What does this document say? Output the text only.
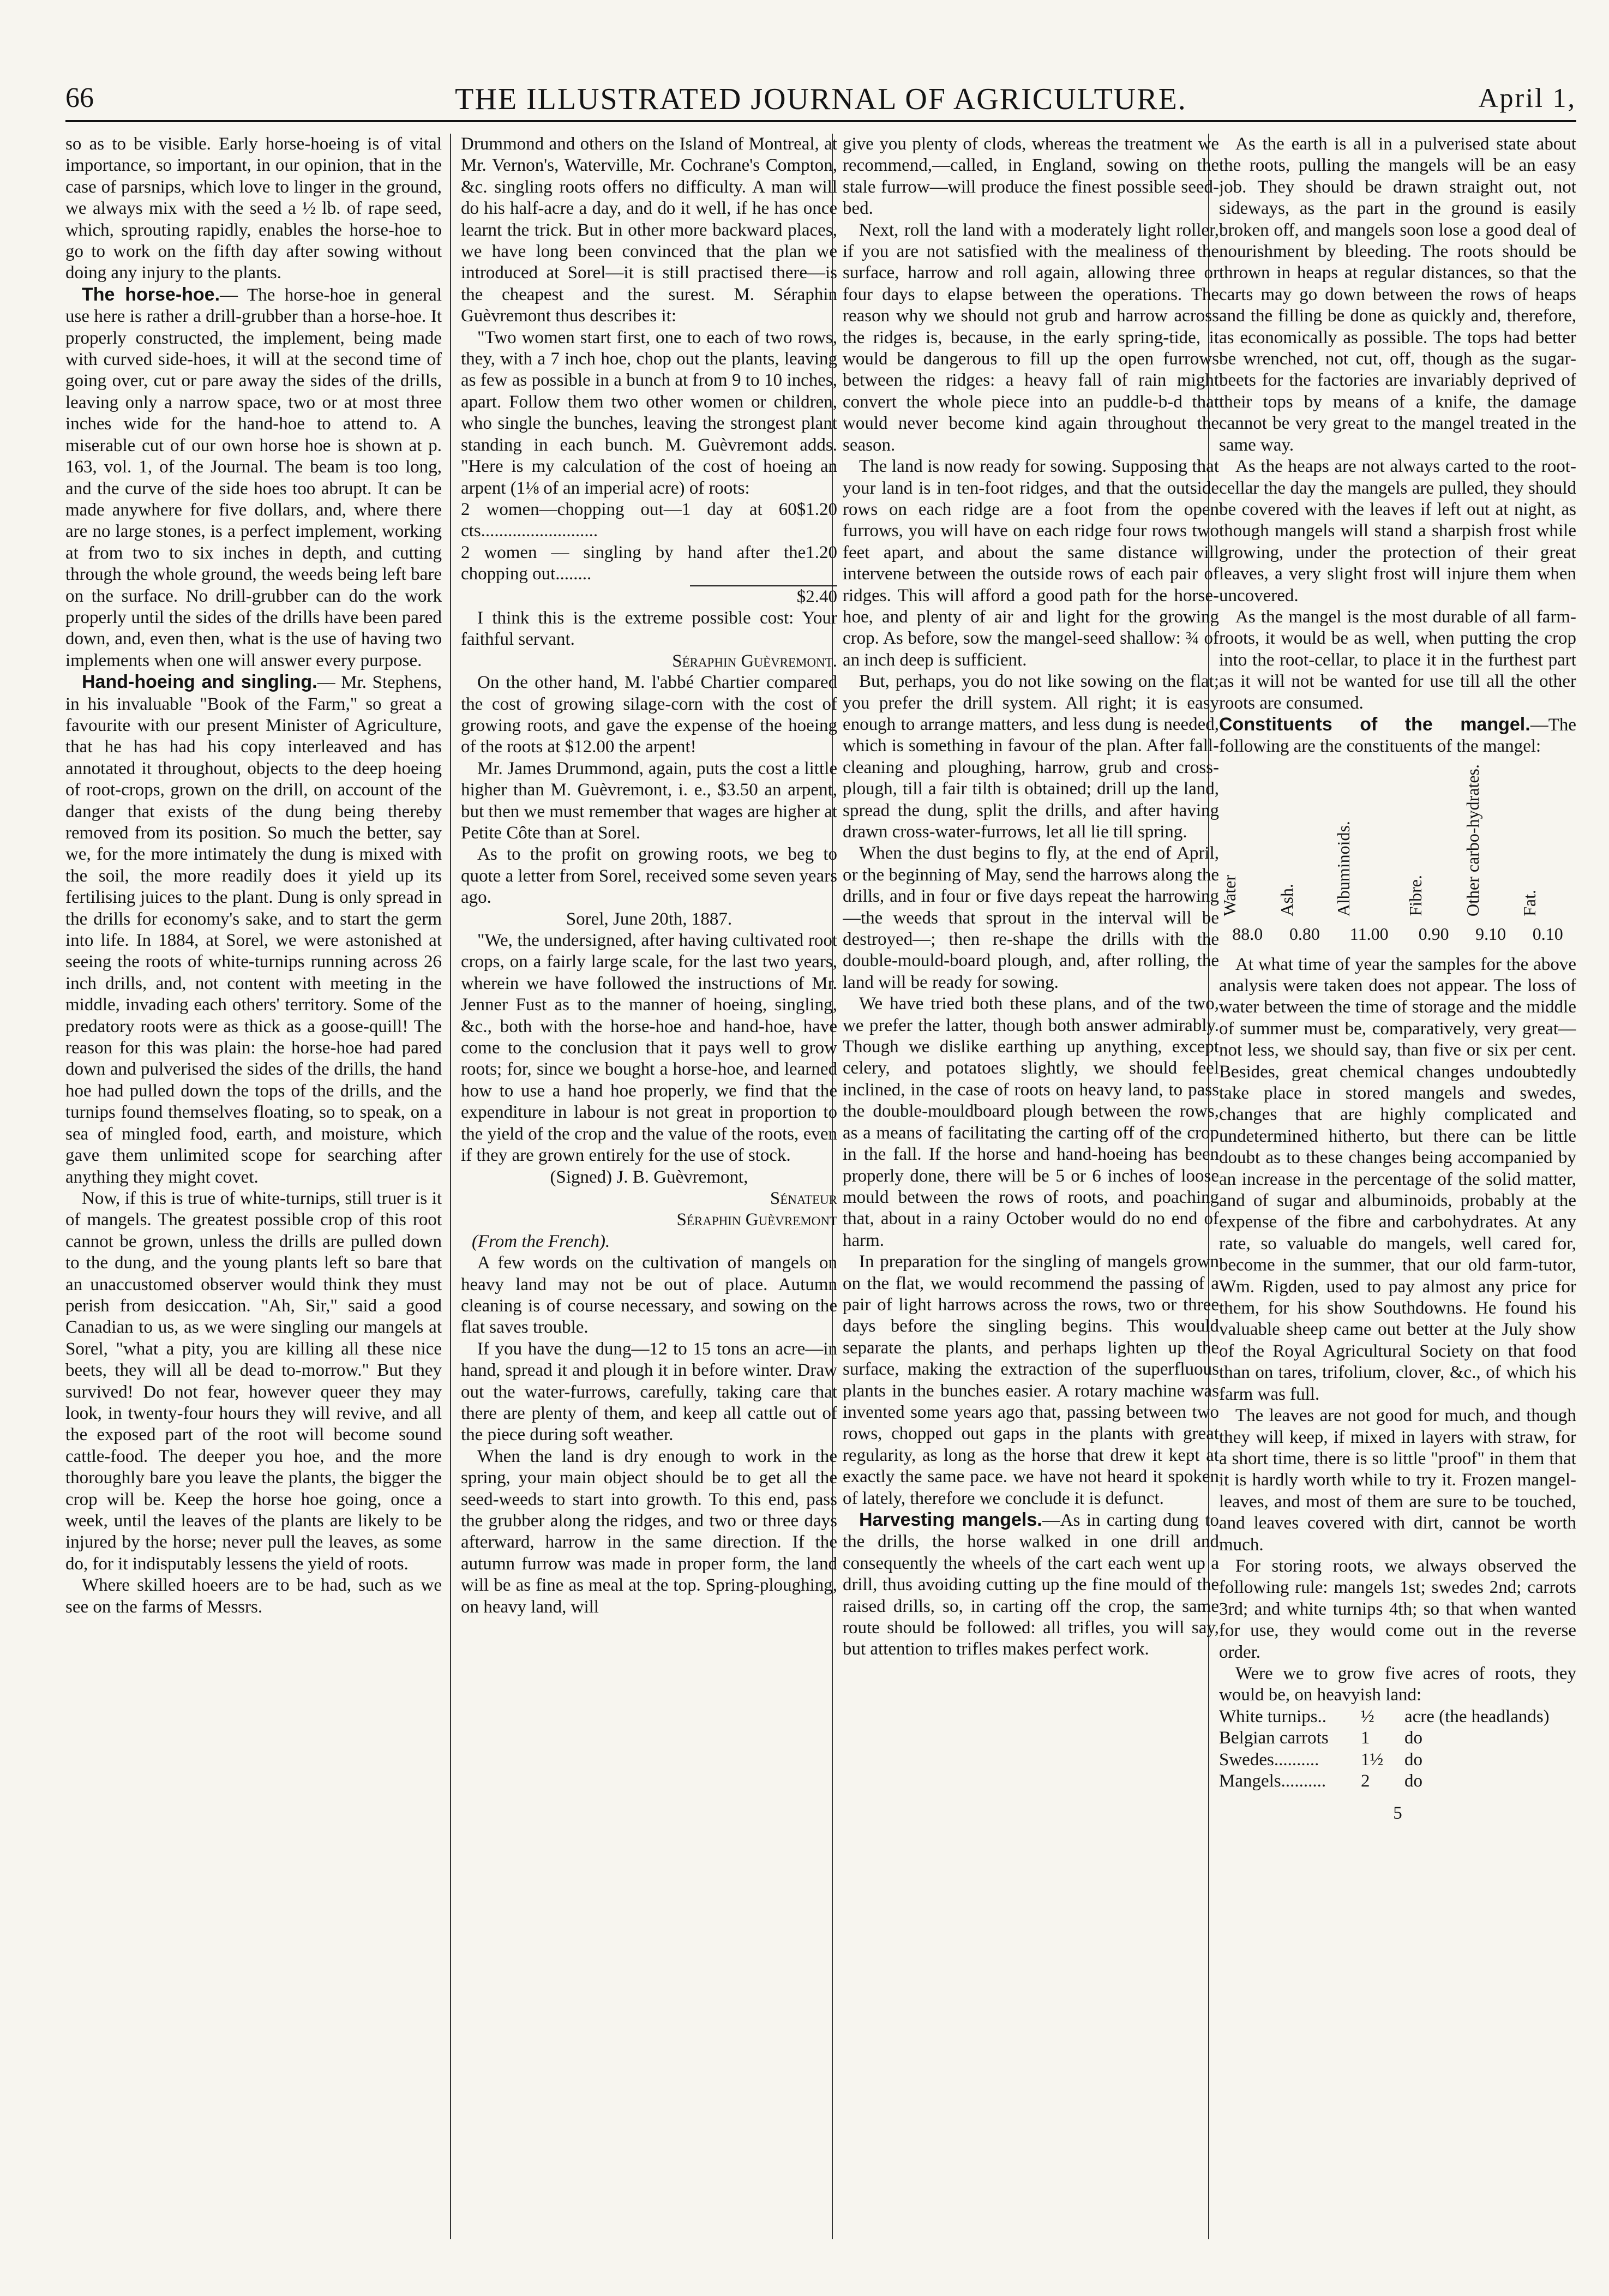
66	THE ILLUSTRATED JOURNAL OF AGRICULTURE.	April 1,

so as to be visible. Early horse-hoeing is of vital importance, so important, in our opinion, that in the case of parsnips, which love to linger in the ground, we always mix with the seed a ½ lb. of rape seed, which, sprouting rapidly, enables the horse-hoe to go to work on the fifth day after sowing without doing any injury to the plants.

The horse-hoe.— The horse-hoe in general use here is rather a drill-grubber than a horse-hoe. It properly constructed, the implement, being made with curved side-hoes, it will at the second time of going over, cut or pare away the sides of the drills, leaving only a narrow space, two or at most three inches wide for the hand-hoe to attend to. A miserable cut of our own horse hoe is shown at p. 163, vol. 1, of the Journal. The beam is too long, and the curve of the side hoes too abrupt. It can be made anywhere for five dollars, and, where there are no large stones, is a perfect implement, working at from two to six inches in depth, and cutting through the whole ground, the weeds being left bare on the surface. No drill-grubber can do the work properly until the sides of the drills have been pared down, and, even then, what is the use of having two implements when one will answer every purpose.

Hand-hoeing and singling.— Mr. Stephens, in his invaluable "Book of the Farm," so great a favourite with our present Minister of Agriculture, that he has had his copy interleaved and has annotated it throughout, objects to the deep hoeing of root-crops, grown on the drill, on account of the danger that exists of the dung being thereby removed from its position. So much the better, say we, for the more intimately the dung is mixed with the soil, the more readily does it yield up its fertilising juices to the plant. Dung is only spread in the drills for economy's sake, and to start the germ into life. In 1884, at Sorel, we were astonished at seeing the roots of white-turnips running across 26 inch drills, and, not content with meeting in the middle, invading each others' territory. Some of the predatory roots were as thick as a goose-quill! The reason for this was plain: the horse-hoe had pared down and pulverised the sides of the drills, the hand hoe had pulled down the tops of the drills, and the turnips found themselves floating, so to speak, on a sea of mingled food, earth, and moisture, which gave them unlimited scope for searching after anything they might covet.

Now, if this is true of white-turnips, still truer is it of mangels. The greatest possible crop of this root cannot be grown, unless the drills are pulled down to the dung, and the young plants left so bare that an unaccustomed observer would think they must perish from desiccation. "Ah, Sir," said a good Canadian to us, as we were singling our mangels at Sorel, "what a pity, you are killing all these nice beets, they will all be dead to-morrow." But they survived! Do not fear, however queer they may look, in twenty-four hours they will revive, and all the exposed part of the root will become sound cattle-food. The deeper you hoe, and the more thoroughly bare you leave the plants, the bigger the crop will be. Keep the horse hoe going, once a week, until the leaves of the plants are likely to be injured by the horse; never pull the leaves, as some do, for it indisputably lessens the yield of roots.

Where skilled hoeers are to be had, such as we see on the farms of Messrs.

Drummond and others on the Island of Montreal, at Mr. Vernon's, Waterville, Mr. Cochrane's Compton, &c. singling roots offers no difficulty. A man will do his half-acre a day, and do it well, if he has once learnt the trick. But in other more backward places, we have long been convinced that the plan we introduced at Sorel—it is still practised there—is the cheapest and the surest. M. Séraphin Guèvremont thus describes it:

"Two women start first, one to each of two rows, they, with a 7 inch hoe, chop out the plants, leaving as few as possible in a bunch at from 9 to 10 inches, apart. Follow them two other women or children, who single the bunches, leaving the strongest plant standing in each bunch. M. Guèvremont adds. "Here is my calculation of the cost of hoeing an arpent (1⅛ of an imperial acre) of roots:

2 women—chopping out—1 day at 60 cts..........................
$1.20
2 women — singling by hand after the chopping out........
1.20
$2.40

I think this is the extreme possible cost: Your faithful servant.

Séraphin Guèvremont.

On the other hand, M. l'abbé Chartier compared the cost of growing silage-corn with the cost of growing roots, and gave the expense of the hoeing of the roots at $12.00 the arpent!

Mr. James Drummond, again, puts the cost a little higher than M. Guèvremont, i. e., $3.50 an arpent, but then we must remember that wages are higher at Petite Côte than at Sorel.

As to the profit on growing roots, we beg to quote a letter from Sorel, received some seven years ago.

Sorel, June 20th, 1887.

"We, the undersigned, after having cultivated root crops, on a fairly large scale, for the last two years, wherein we have followed the instructions of Mr. Jenner Fust as to the manner of hoeing, singling, &c., both with the horse-hoe and hand-hoe, have come to the conclusion that it pays well to grow roots; for, since we bought a horse-hoe, and learned how to use a hand hoe properly, we find that the expenditure in labour is not great in proportion to the yield of the crop and the value of the roots, even if they are grown entirely for the use of stock.

(Signed) J. B. Guèvremont,
Sénateur
Séraphin Guèvremont
(From the French).

A few words on the cultivation of mangels on heavy land may not be out of place. Autumn cleaning is of course necessary, and sowing on the flat saves trouble.

If you have the dung—12 to 15 tons an acre—in hand, spread it and plough it in before winter. Draw out the water-furrows, carefully, taking care that there are plenty of them, and keep all cattle out of the piece during soft weather.

When the land is dry enough to work in the spring, your main object should be to get all the seed-weeds to start into growth. To this end, pass the grubber along the ridges, and two or three days afterward, harrow in the same direction. If the autumn furrow was made in proper form, the land will be as fine as meal at the top. Spring-ploughing, on heavy land, will

give you plenty of clods, whereas the treatment we recommend,—called, in England, sowing on the stale furrow—will produce the finest possible seed-bed.

Next, roll the land with a moderately light roller, if you are not satisfied with the mealiness of the surface, harrow and roll again, allowing three or four days to elapse between the operations. The reason why we should not grub and harrow across the ridges is, because, in the early spring-tide, it would be dangerous to fill up the open furrows between the ridges: a heavy fall of rain might convert the whole piece into an puddle-b-d that would never become kind again throughout the season.

The land is now ready for sowing. Supposing that your land is in ten-foot ridges, and that the outside rows on each ridge are a foot from the open furrows, you will have on each ridge four rows two feet apart, and about the same distance will intervene between the outside rows of each pair of ridges. This will afford a good path for the horse-hoe, and plenty of air and light for the growing crop. As before, sow the mangel-seed shallow: ¾ of an inch deep is sufficient.

But, perhaps, you do not like sowing on the flat; you prefer the drill system. All right; it is easy enough to arrange matters, and less dung is needed, which is something in favour of the plan. After fall-cleaning and ploughing, harrow, grub and cross-plough, till a fair tilth is obtained; drill up the land, spread the dung, split the drills, and after having drawn cross-water-furrows, let all lie till spring.

When the dust begins to fly, at the end of April, or the beginning of May, send the harrows along the drills, and in four or five days repeat the harrowing—the weeds that sprout in the interval will be destroyed—; then re-shape the drills with the double-mould-board plough, and, after rolling, the land will be ready for sowing.

We have tried both these plans, and of the two, we prefer the latter, though both answer admirably. Though we dislike earthing up anything, except celery, and potatoes slightly, we should feel inclined, in the case of roots on heavy land, to pass the double-mouldboard plough between the rows, as a means of facilitating the carting off of the crop in the fall. If the horse and hand-hoeing has been properly done, there will be 5 or 6 inches of loose mould between the rows of roots, and poaching that, about in a rainy October would do no end of harm.

In preparation for the singling of mangels grown on the flat, we would recommend the passing of a pair of light harrows across the rows, two or three days before the singling begins. This would separate the plants, and perhaps lighten up the surface, making the extraction of the superfluous plants in the bunches easier. A rotary machine was invented some years ago that, passing between two rows, chopped out gaps in the plants with great regularity, as long as the horse that drew it kept at exactly the same pace. we have not heard it spoken of lately, therefore we conclude it is defunct.

Harvesting mangels.—As in carting dung to the drills, the horse walked in one drill and consequently the wheels of the cart each went up a drill, thus avoiding cutting up the fine mould of the raised drills, so, in carting off the crop, the same route should be followed: all trifles, you will say, but attention to trifles makes perfect work.

As the earth is all in a pulverised state about the roots, pulling the mangels will be an easy job. They should be drawn straight out, not sideways, as the part in the ground is easily broken off, and mangels soon lose a good deal of nourishment by bleeding. The roots should be thrown in heaps at regular distances, so that the carts may go down between the rows of heaps and the filling be done as quickly and, therefore, as economically as possible. The tops had better be wrenched, not cut, off, though as the sugar-beets for the factories are invariably deprived of their tops by means of a knife, the damage cannot be very great to the mangel treated in the same way.

As the heaps are not always carted to the root-cellar the day the mangels are pulled, they should be covered with the leaves if left out at night, as though mangels will stand a sharpish frost while growing, under the protection of their great leaves, a very slight frost will injure them when uncovered.

As the mangel is the most durable of all farm-roots, it would be as well, when putting the crop into the root-cellar, to place it in the furthest part as it will not be wanted for use till all the other roots are consumed.

Constituents of the mangel.—The following are the constituents of the mangel:

Water	Ash.	Albuminoids.	Fibre.	Other carbo-hydrates.	Fat.
88.0	0.80	11.00	0.90	9.10	0.10

At what time of year the samples for the above analysis were taken does not appear. The loss of water between the time of storage and the middle of summer must be, comparatively, very great—not less, we should say, than five or six per cent. Besides, great chemical changes undoubtedly take place in stored mangels and swedes, changes that are highly complicated and undetermined hitherto, but there can be little doubt as to these changes being accompanied by an increase in the percentage of the solid matter, and of sugar and albuminoids, probably at the expense of the fibre and carbohydrates. At any rate, so valuable do mangels, well cared for, become in the summer, that our old farm-tutor, Wm. Rigden, used to pay almost any price for them, for his show Southdowns. He found his valuable sheep came out better at the July show of the Royal Agricultural Society on that food than on tares, trifolium, clover, &c., of which his farm was full.

The leaves are not good for much, and though they will keep, if mixed in layers with straw, for a short time, there is so little "proof" in them that it is hardly worth while to try it. Frozen mangel-leaves, and most of them are sure to be touched, and leaves covered with dirt, cannot be worth much.

For storing roots, we always observed the following rule: mangels 1st; swedes 2nd; carrots 3rd; and white turnips 4th; so that when wanted for use, they would come out in the reverse order.

Were we to grow five acres of roots, they would be, on heavyish land:

White turnips..	½	acre (the headlands)
Belgian carrots	1	do
Swedes..........	1½	do
Mangels..........	2	do
5
